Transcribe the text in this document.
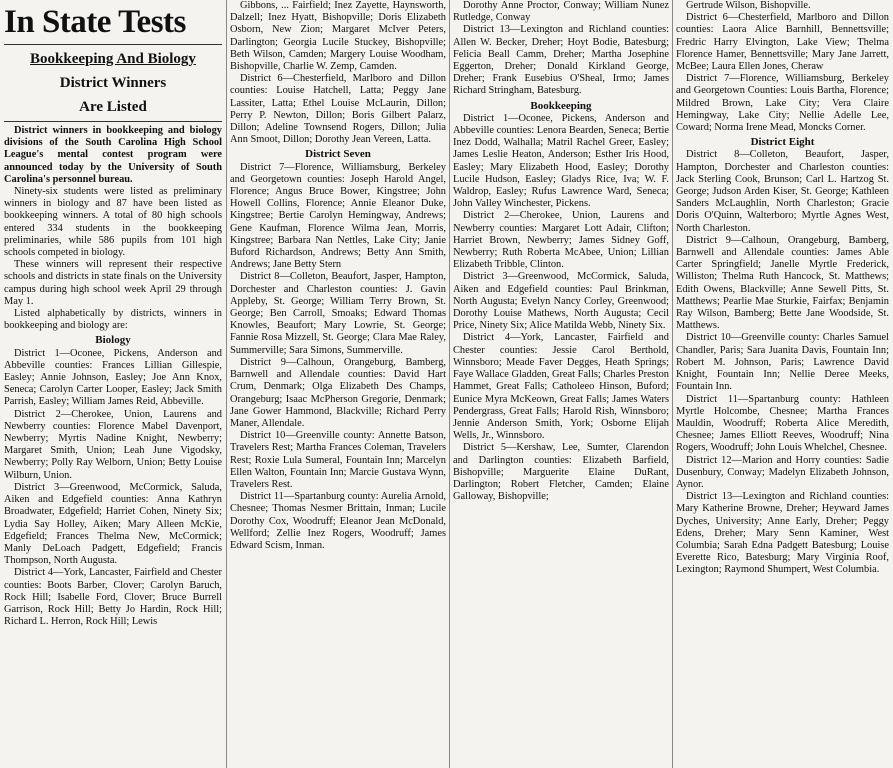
In State Tests
Bookkeeping And Biology
District Winners
Are Listed

District winners in bookkeeping and biology divisions of the South Carolina High School League's mental contest program were announced today by the University of South Carolina's personnel bureau.

Ninety-six students were listed as preliminary winners in biology and 87 have been listed as bookkeeping winners. A total of 80 high schools entered 334 students in the bookkeeping preliminaries, while 586 pupils from 101 high schools competed in biology.

These winners will represent their respective schools and districts in state finals on the University campus during high school week April 29 through May 1.

Listed alphabetically by districts, winners in bookkeeping and biology are:

Biology

District 1—Oconee, Pickens, Anderson and Abbeville counties: Frances Lillian Gillespie, Easley; Annie Johnson, Easley; Joe Ann Knox, Seneca; Carolyn Carter Looper, Easley; Jack Smith Parrish, Easley; William James Reid, Abbeville.

District 2—Cherokee, Union, Laurens and Newberry counties: Florence Mabel Davenport, Newberry; Myrtis Nadine Knight, Newberry; Margaret Smith, Union; Leah June Vigodsky, Newberry; Polly Ray Welborn, Union; Betty Louise Wilburn, Union.

District 3—Greenwood, McCormick, Saluda, Aiken and Edgefield counties: Anna Kathryn Broadwater, Edgefield; Harriet Cohen, Ninety Six; Lydia Say Holley, Aiken; Mary Alleen McKie, Edgefield; Frances Thelma New, McCormick; Manly DeLoach Padgett, Edgefield; Francis Thompson, North Augusta.

District 4—York, Lancaster, Fairfield and Chester counties: Boots Barber, Clover; Carolyn Baruch, Rock Hill; Isabelle Ford, Clover; Bruce Burrell Garrison, Rock Hill; Betty Jo Hardin, Rock Hill; Richard L. Herron, Rock Hill; Lewis

Gibbons, ... Fairfield; Inez Zayette, Haynsworth, Dalzell; Inez Hyatt, Bishopville; Doris Elizabeth Osborn, New Zion; Margaret McIver Peters, Darlington; Georgia Lucile Stuckey, Bishopville; Beth Wilson, Camden; Margery Louise Woodham, Bishopville, Charlie W. Zemp, Camden.

District 6—Chesterfield, Marlboro and Dillon counties: Louise Hatchell, Latta; Peggy Jane Lassiter, Latta; Ethel Louise McLaurin, Dillon; Perry P. Newton, Dillon; Boris Gilbert Palarz, Dillon; Adeline Townsend Rogers, Dillon; Julia Ann Smoot, Dillon; Dorothy Jean Vereen, Latta.

District Seven

District 7—Florence, Williamsburg, Berkeley and Georgetown counties: Joseph Harold Angel, Florence; Angus Bruce Bower, Kingstree; John Howell Collins, Florence; Annie Eleanor Duke, Kingstree; Bertie Carolyn Hemingway, Andrews; Gene Kaufman, Florence Wilma Jean, Morris, Kingstree; Barbara Nan Nettles, Lake City; Janie Buford Richardson, Andrews; Betty Ann Smith, Andrews; Jane Betty Stern

District 8—Colleton, Beaufort, Jasper, Hampton, Dorchester and Charleston counties: J. Gavin Appleby, St. George; William Terry Brown, St. George; Ben Carroll, Smoaks; Edward Thomas Knowles, Beaufort; Mary Lowrie, St. George; Fannie Rosa Mizzell, St. George; Clara Mae Raley, Summerville; Sara Simons, Summerville.

District 9—Calhoun, Orangeburg, Bamberg, Barnwell and Allendale counties: David Hart Crum, Denmark; Olga Elizabeth Des Champs, Orangeburg; Isaac McPherson Gregorie, Denmark; Jane Gower Hammond, Blackville; Richard Perry Maner, Allendale.

District 10—Greenville county: Annette Batson, Travelers Rest; Martha Frances Coleman, Travelers Rest; Roxie Lula Sumeral, Fountain Inn; Marcelyn Ellen Walton, Fountain Inn; Marcie Gustava Wynn, Travelers Rest.

District 11—Spartanburg county: Aurelia Arnold, Chesnee; Thomas Nesmer Brittain, Inman; Lucile Dorothy Cox, Woodruff; Eleanor Jean McDonald, Wellford; Zellie Inez Rogers, Woodruff; James Edward Scism, Inman.

Dorothy Anne Proctor, Conway; William Nunez Rutledge, Conway

District 13—Lexington and Richland counties: Allen W. Becker, Dreher; Hoyt Bodie, Batesburg; Felicia Beall Camm, Dreher; Martha Josephine Eggerton, Dreher; Donald Kirkland George, Dreher; Frank Eusebius O'Sheal, Irmo; James Richard Stringham, Batesburg.

Bookkeeping

District 1—Oconee, Pickens, Anderson and Abbeville counties: Lenora Bearden, Seneca; Bertie Inez Dodd, Walhalla; Matril Rachel Greer, Easley; James Leslie Heaton, Anderson; Esther Iris Hood, Easley; Mary Elizabeth Hood, Easley; Dorothy Lucile Hudson, Easley; Gladys Rice, Iva; W. F. Waldrop, Easley; Rufus Lawrence Ward, Seneca; John Valley Winchester, Pickens.

District 2—Cherokee, Union, Laurens and Newberry counties: Margaret Lott Adair, Clifton; Harriet Brown, Newberry; James Sidney Goff, Newberry; Ruth Roberta McAbee, Union; Lillian Elizabeth Tribble, Clinton.

District 3—Greenwood, McCormick, Saluda, Aiken and Edgefield counties: Paul Brinkman, North Augusta; Evelyn Nancy Corley, Greenwood; Dorothy Louise Mathews, North Augusta; Cecil Price, Ninety Six; Alice Matilda Webb, Ninety Six.

District 4—York, Lancaster, Fairfield and Chester counties: Jessie Carol Berthold, Winnsboro; Meade Faver Degges, Heath Springs; Faye Wallace Gladden, Great Falls; Charles Preston Hammet, Great Falls; Catholeeo Hinson, Buford; Eunice Myra McKeown, Great Falls; James Waters Pendergrass, Great Falls; Harold Rish, Winnsboro; Jennie Anderson Smith, York; Osborne Elijah Wells, Jr., Winnsboro.

District 5—Kershaw, Lee, Sumter, Clarendon and Darlington counties: Elizabeth Barfield, Bishopville; Marguerite Elaine DuRant, Darlington; Robert Fletcher, Camden; Elaine Galloway, Bishopville;

Gertrude Wilson, Bishopville.

District 6—Chesterfield, Marlboro and Dillon counties: Laora Alice Barnhill, Bennettsville; Fredric Harry Elvington, Lake View; Thelma Florence Hamer, Bennettsville; Mary Jane Jarrett, McBee; Laura Ellen Jones, Cheraw

District 7—Florence, Williamsburg, Berkeley and Georgetown Counties: Louis Bartha, Florence; Mildred Brown, Lake City; Vera Claire Hemingway, Lake City; Nellie Adelle Lee, Coward; Norma Irene Mead, Moncks Corner.

District Eight

District 8—Colleton, Beaufort, Jasper, Hampton, Dorchester and Charleston counties: Jack Sterling Cook, Brunson; Carl L. Hartzog St. George; Judson Arden Kiser, St. George; Kathleen Sanders McLaughlin, North Charleston; Gracie Doris O'Quinn, Walterboro; Myrtle Agnes West, North Charleston.

District 9—Calhoun, Orangeburg, Bamberg, Barnwell and Allendale counties: James Able Carter Springfield; Janelle Myrtle Frederick, Williston; Thelma Ruth Hancock, St. Matthews; Edith Owens, Blackville; Anne Sewell Pitts, St. Matthews; Pearlie Mae Sturkie, Fairfax; Benjamin Ray Wilson, Bamberg; Bette Jane Woodside, St. Matthews.

District 10—Greenville county: Charles Samuel Chandler, Paris; Sara Juanita Davis, Fountain Inn; Robert M. Johnson, Paris; Lawrence David Knight, Fountain Inn; Nellie Deree Meeks, Fountain Inn.

District 11—Spartanburg county: Hathleen Myrtle Holcombe, Chesnee; Martha Frances Mauldin, Woodruff; Roberta Alice Meredith, Chesnee; James Elliott Reeves, Woodruff; Nina Rogers, Woodruff; John Louis Whelchel, Chesnee.

District 12—Marion and Horry counties: Sadie Dusenbury, Conway; Madelyn Elizabeth Johnson, Aynor.

District 13—Lexington and Richland counties: Mary Katherine Browne, Dreher; Heyward James Dyches, University; Anne Early, Dreher; Peggy Edens, Dreher; Mary Senn Kaminer, West Columbia; Sarah Edna Padgett Batesburg; Louise Everette Rico, Batesburg; Mary Virginia Roof, Lexington; Raymond Shumpert, West Columbia.
